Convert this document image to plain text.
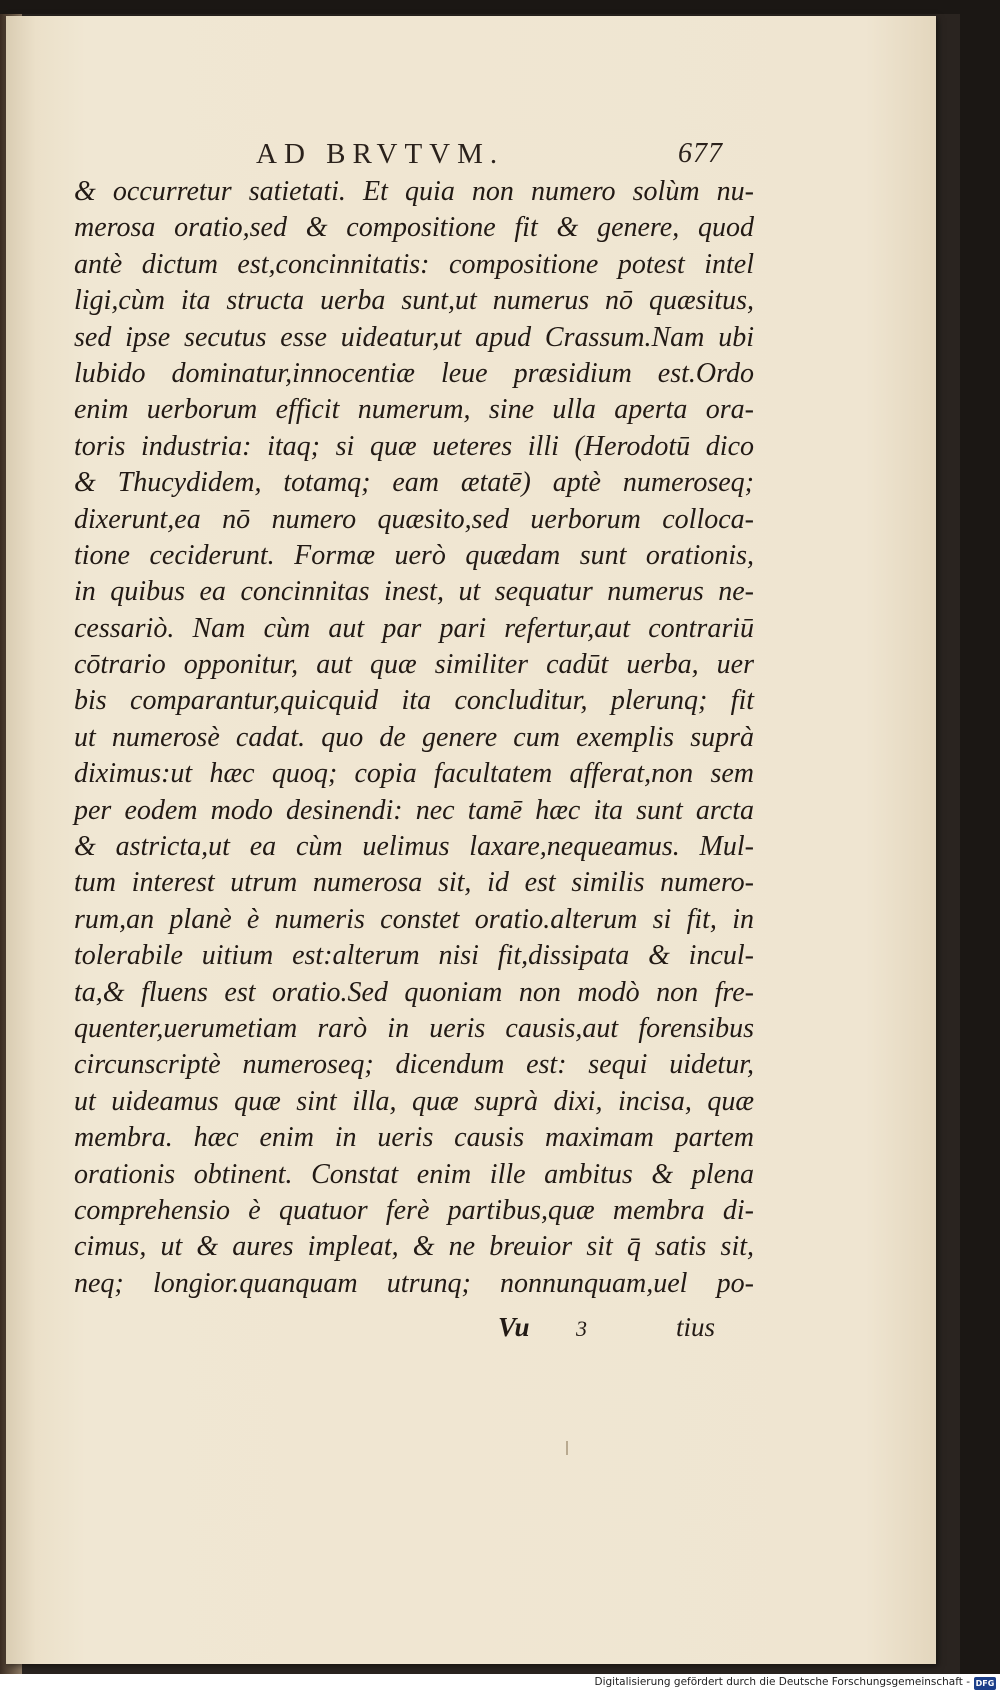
AD BRVTVM.	677
& occurretur satietati. Et quia non numero solùm nu-
merosa oratio,sed & compositione fit & genere, quod
antè dictum est,concinnitatis: compositione potest intel
ligi,cùm ita structa uerba sunt,ut numerus nō quæsitus,
sed ipse secutus esse uideatur,ut apud Crassum.Nam ubi
lubido dominatur,innocentiæ leue præsidium est.Ordo
enim uerborum efficit numerum, sine ulla aperta ora-
toris industria: itaq; si quæ ueteres illi (Herodotū dico
& Thucydidem, totamq; eam ætatē) aptè numeroseq;
dixerunt,ea nō numero quæsito,sed uerborum colloca-
tione ceciderunt. Formæ uerò quædam sunt orationis,
in quibus ea concinnitas inest, ut sequatur numerus ne-
cessariò. Nam cùm aut par pari refertur,aut contrariū
cōtrario opponitur, aut quæ similiter cadūt uerba, uer
bis comparantur,quicquid ita concluditur, plerunq; fit
ut numerosè cadat. quo de genere cum exemplis suprà
diximus:ut hæc quoq; copia facultatem afferat,non sem
per eodem modo desinendi: nec tamē hæc ita sunt arcta
& astricta,ut ea cùm uelimus laxare,nequeamus. Mul-
tum interest utrum numerosa sit, id est similis numero-
rum,an planè è numeris constet oratio.alterum si fit, in
tolerabile uitium est:alterum nisi fit,dissipata & incul-
ta,& fluens est oratio.Sed quoniam non modò non fre-
quenter,uerumetiam rarò in ueris causis,aut forensibus
circunscriptè numeroseq; dicendum est: sequi uidetur,
ut uideamus quæ sint illa, quæ suprà dixi, incisa, quæ
membra. hæc enim in ueris causis maximam partem
orationis obtinent. Constat enim ille ambitus & plena
comprehensio è quatuor ferè partibus,quæ membra di-
cimus, ut & aures impleat, & ne breuior sit q̄ satis sit,
neq; longior.quanquam utrunq; nonnunquam,uel po-
Vu 3	tius
Digitalisierung gefördert durch die Deutsche Forschungsgemeinschaft - DFG
